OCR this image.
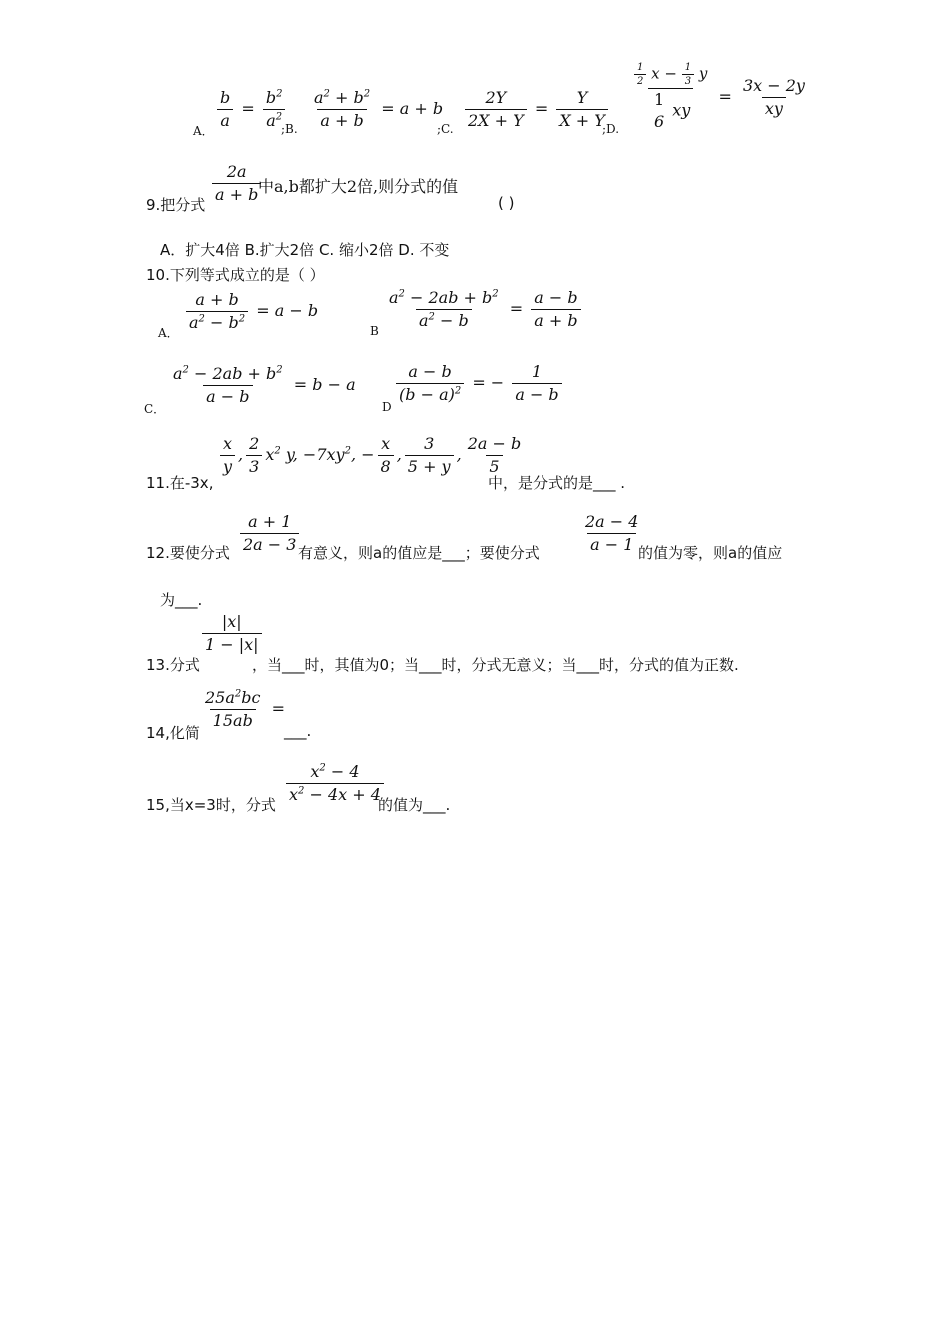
A． $\frac{b}{a} = \frac{b^2}{a^2}$
;B. $\frac{a^2 + b^2}{a + b} = a + b$
;C. $\frac{2Y}{2X + Y} = \frac{Y}{X + Y}$
;D. $\frac{1}{2}$ $x - \frac{1}{3}$ y
1
6
xy = $\frac{3x - 2y}{xy}$
9.把分式 $\frac{2a}{a + b}$
中a,b都扩大2倍,则分式的值
( )
A．扩大4倍 B.扩大2倍 C. 缩小2倍 D. 不变
10.下列等式成立的是（ ）
A． $\frac{a + b}{a^2 - b^2} = a - b$
B $\frac{a^2 - 2ab + b^2}{a^2 - b} = \frac{a - b}{a + b}$
C．
$\frac{a^2 - 2ab + b^2}{a - b} = b - a$
D
$\frac{a - b}{(b - a)^2}$ = − $\frac{1}{a - b}$
11.在-3x,
$\frac{x}{y}$ , $\frac{2}{3} x^2$ y, $-7xy^2$, − $\frac{x}{8}$ , $\frac{3}{5 + y}$ , $\frac{2a - b}{5}$
中，是分式的是___ .
12.要使分式 $\frac{a + 1}{2a - 3}$
有意义，则a的值应是___；要使分式	$\frac{2a - 4}{a - 1}$
的值为零，则a的值应
为___.
13.分式
$\frac{|x|}{1 - |x|}$
，当___时，其值为0；当___时，分式无意义；当___时，分式的值为正数.
14,化简
$\frac{25a^2bc}{15ab}$ =
___.
15,当x=3时，分式 $\frac{x^2 - 4}{x^2 - 4x + 4}$
的值为___.
